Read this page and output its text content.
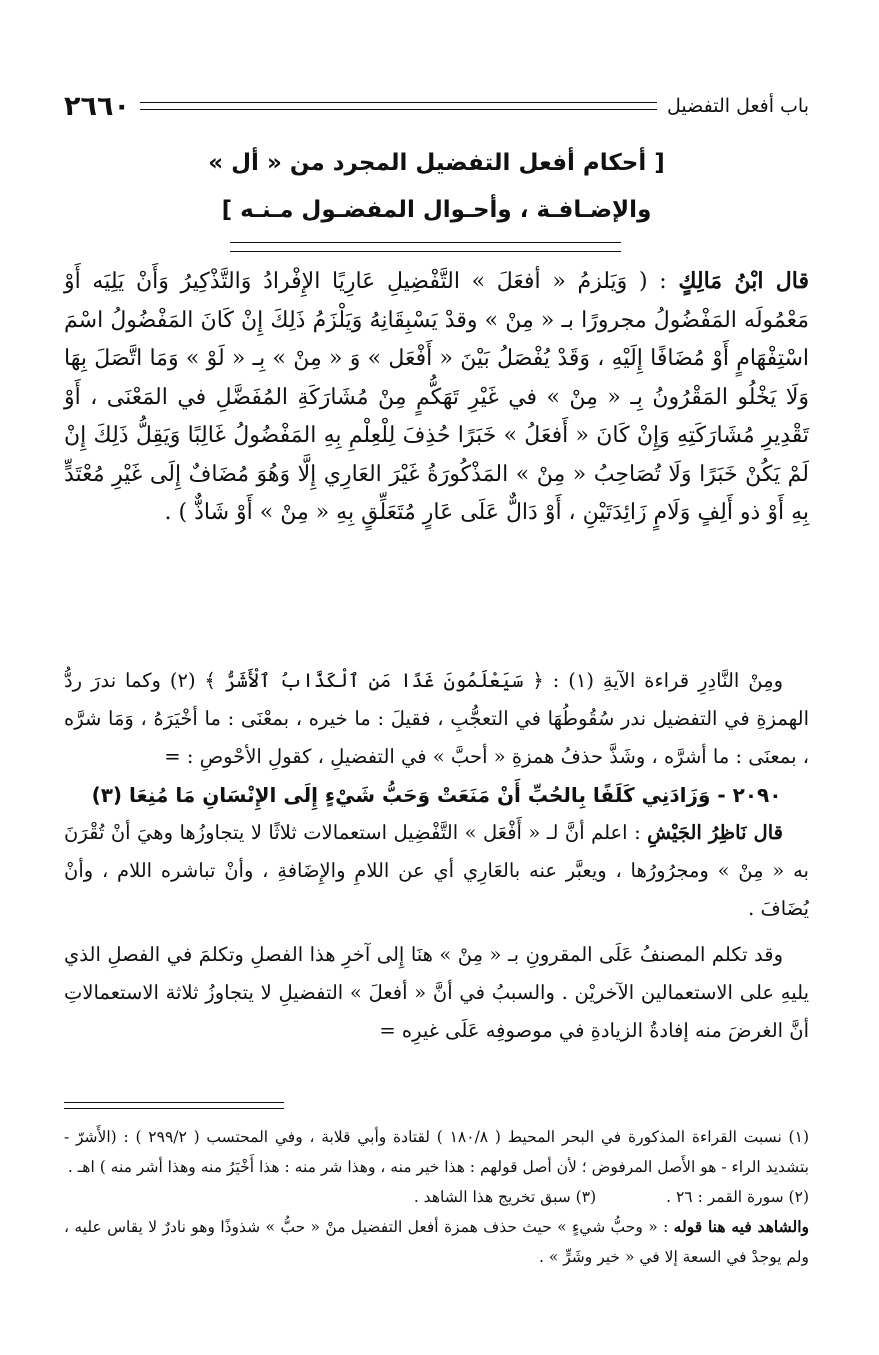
٢٦٦٠	باب أفعل التفضيل
[ أحكام أفعل التفضيل المجرد من « أل »
والإضـافـة ، وأحـوال المفضـول مـنـه ]

قال ابْنُ مَالِكٍ : ( وَيَلزمُ « أفعَلَ » التَّفْضِيلِ عَارِيًا الإِفْرادُ وَالتَّذْكِيرُ وَأَنْ يَلِيَه أَوْ مَعْمُولَه المَفْضُولُ مجرورًا بـ « مِنْ » وقدْ يَسْبِقَانِهُ وَيَلْزَمُ ذَلِكَ إِنْ كَانَ المَفْضُولُ اسْمَ اسْتِفْهَامٍ أَوْ مُضَافًا إِلَيْهِ ، وَقَدْ يُفْصَلُ بَيْنَ « أَفْعَل » وَ « مِنْ » بِـ « لَوْ » وَمَا اتَّصَلَ بِهَا وَلَا يَخْلُو المَقْرُونُ بِـ « مِنْ » في غَيْرِ تَهَكُّمٍ مِنْ مُشَارَكَةِ المُفَضَّلِ في المَعْنَى ، أَوْ تَقْدِيرِ مُشَارَكَتِهِ وَإِنْ كَانَ « أَفعَلُ » خَبَرًا حُذِفَ لِلْعِلْمِ بِهِ المَفْضُولُ غَالِبًا وَيَقِلُّ ذَلِكَ إِنْ لَمْ يَكُنْ خَبَرًا وَلَا تُصَاحِبُ « مِنْ » المَذْكُورَةُ غَيْرَ العَارِي إِلَّا وَهُوَ مُضَافٌ إِلَى غَيْرِ مُعْتَدٍّ بِهِ أَوْ ذو أَلِفٍ وَلَامٍ زَائِدَتَيْنِ ، أَوْ دَالٌّ عَلَى عَارٍ مُتَعَلِّقٍ بِهِ « مِنْ » أَوْ شَاذٌّ ) .

ومِنْ النَّادِرِ قراءة الآيةِ (١) : ﴿ سَيَعْلَمُونَ غَدًا مَنِ ٱلْكَذَّابُ ٱلْأَشَرُّ ﴾ (٢) وكما ندرَ ردُّ الهمزةِ في التفضيل ندر سُقُوطُهَا في التعجُّبِ ، فقيلَ : ما خيره ، بمعْنَى : ما أخْيَرَهُ ، وَمَا شرَّه ، بمعنَى : ما أشرَّه ، وشَذَّ حذفُ همزةِ « أحبَّ » في التفضيلِ ، كقولِ الأحْوصِ : =

٢٠٩٠ - وَزَادَنِي كَلَفًا بِالحُبِّ أَنْ مَنَعَتْ وَحَبُّ شَيْءٍ إِلَى الإِنْسَانِ مَا مُنِعَا (٣)

قال نَاظِرُ الجَيْشِ : اعلم أنَّ لـ « أَفْعَل » التَّفْضِيل استعمالات ثلاثًا لا يتجاوزُها وهيَ أنْ تُقْرَنَ به « مِنْ » ومجرُورُها ، ويعبَّر عنه بالعَارِي أي عن اللامِ والإِضَافةِ ، وأنْ تباشره اللام ، وأنْ يُضَافَ .

وقد تكلم المصنفُ عَلَى المقرونِ بـ « مِنْ » هنَا إِلى آخرِ هذا الفصلِ وتكلمَ في الفصلِ الذي يليهِ على الاستعمالين الآخريْن . والسببُ في أنَّ « أفعلَ » التفضيلِ لا يتجاوزُ ثلاثة الاستعمالاتِ أنَّ الغرضَ منه إفادةُ الزيادةِ في موصوفِه عَلَى غيرِه =

(١) نسبت القراءة المذكورة في البحر المحيط ( ١٨٠/٨ ) لقتادة وأبي قلابة ، وفي المحتسب ( ٢٩٩/٢ ) : (الأَشرّ - بتشديد الراء - هو الأَصل المرفوض ؛ لأن أصل قولهم : هذا خير منه ، وهذا شر منه : هذا أَخْيَرُ منه وهذا أشر منه ) اهـ .

(٢) سورة القمر : ٢٦ .
(٣) سبق تخريج هذا الشاهد .

والشاهد فيه هنا قوله : « وحبُّ شيءٍ » حيث حذف همزة أفعل التفضيل منْ « حبُّ » شذوذًا وهو نادرٌ لا يقاس عليه ، ولم يوجدْ في السعة إلا في « خير وشَرٍّ » .
